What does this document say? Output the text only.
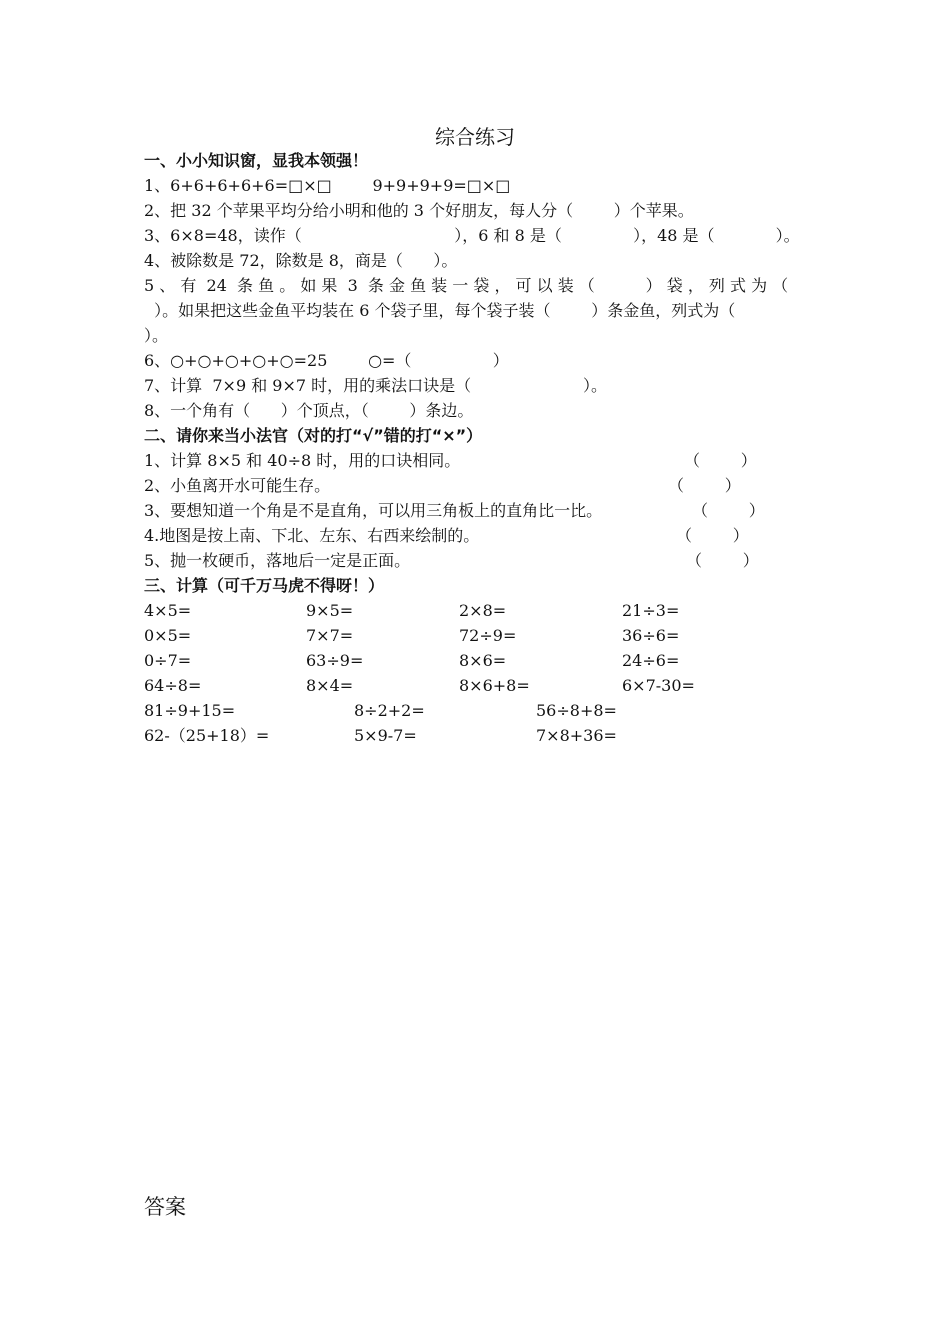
综合练习
一、小小知识窗，显我本领强！
1、6+6+6+6+6=□×□        9+9+9+9=□×□
2、把 32 个苹果平均分给小明和他的 3 个好朋友，每人分（        ）个苹果。
3、6×8=48，读作（                              ），6 和 8 是（              ），48 是（            ）。
4、被除数是 72，除数是 8，商是（      ）。
5 、 有  24  条 鱼 。 如 果  3  条 金 鱼 装 一 袋 ， 可 以 装 （          ） 袋 ， 列 式 为 （
）。如果把这些金鱼平均装在 6 个袋子里，每个袋子装（        ）条金鱼，列式为（
）。
6、○+○+○+○+○=25        ○=（                ）
7、计算  7×9 和 9×7 时，用的乘法口诀是（                      ）。
8、一个角有（      ）个顶点，（        ）条边。
二、请你来当小法官（对的打“√”错的打“×”）
1、计算 8×5 和 40÷8 时，用的口诀相同。	（        ）
2、小鱼离开水可能生存。	（        ）
3、要想知道一个角是不是直角，可以用三角板上的直角比一比。	（        ）
4.地图是按上南、下北、左东、右西来绘制的。	（        ）
5、抛一枚硬币，落地后一定是正面。	（        ）
三、计算（可千万马虎不得呀！）
4×5=	9×5=	2×8=	21÷3=
0×5=	7×7=	72÷9=	36÷6=
0÷7=	63÷9=	8×6=	24÷6=
64÷8=	8×4=	8×6+8=	6×7-30=
81÷9+15=	8÷2+2=	56÷8+8=
62-（25+18）=	5×9-7=	7×8+36=
答案
